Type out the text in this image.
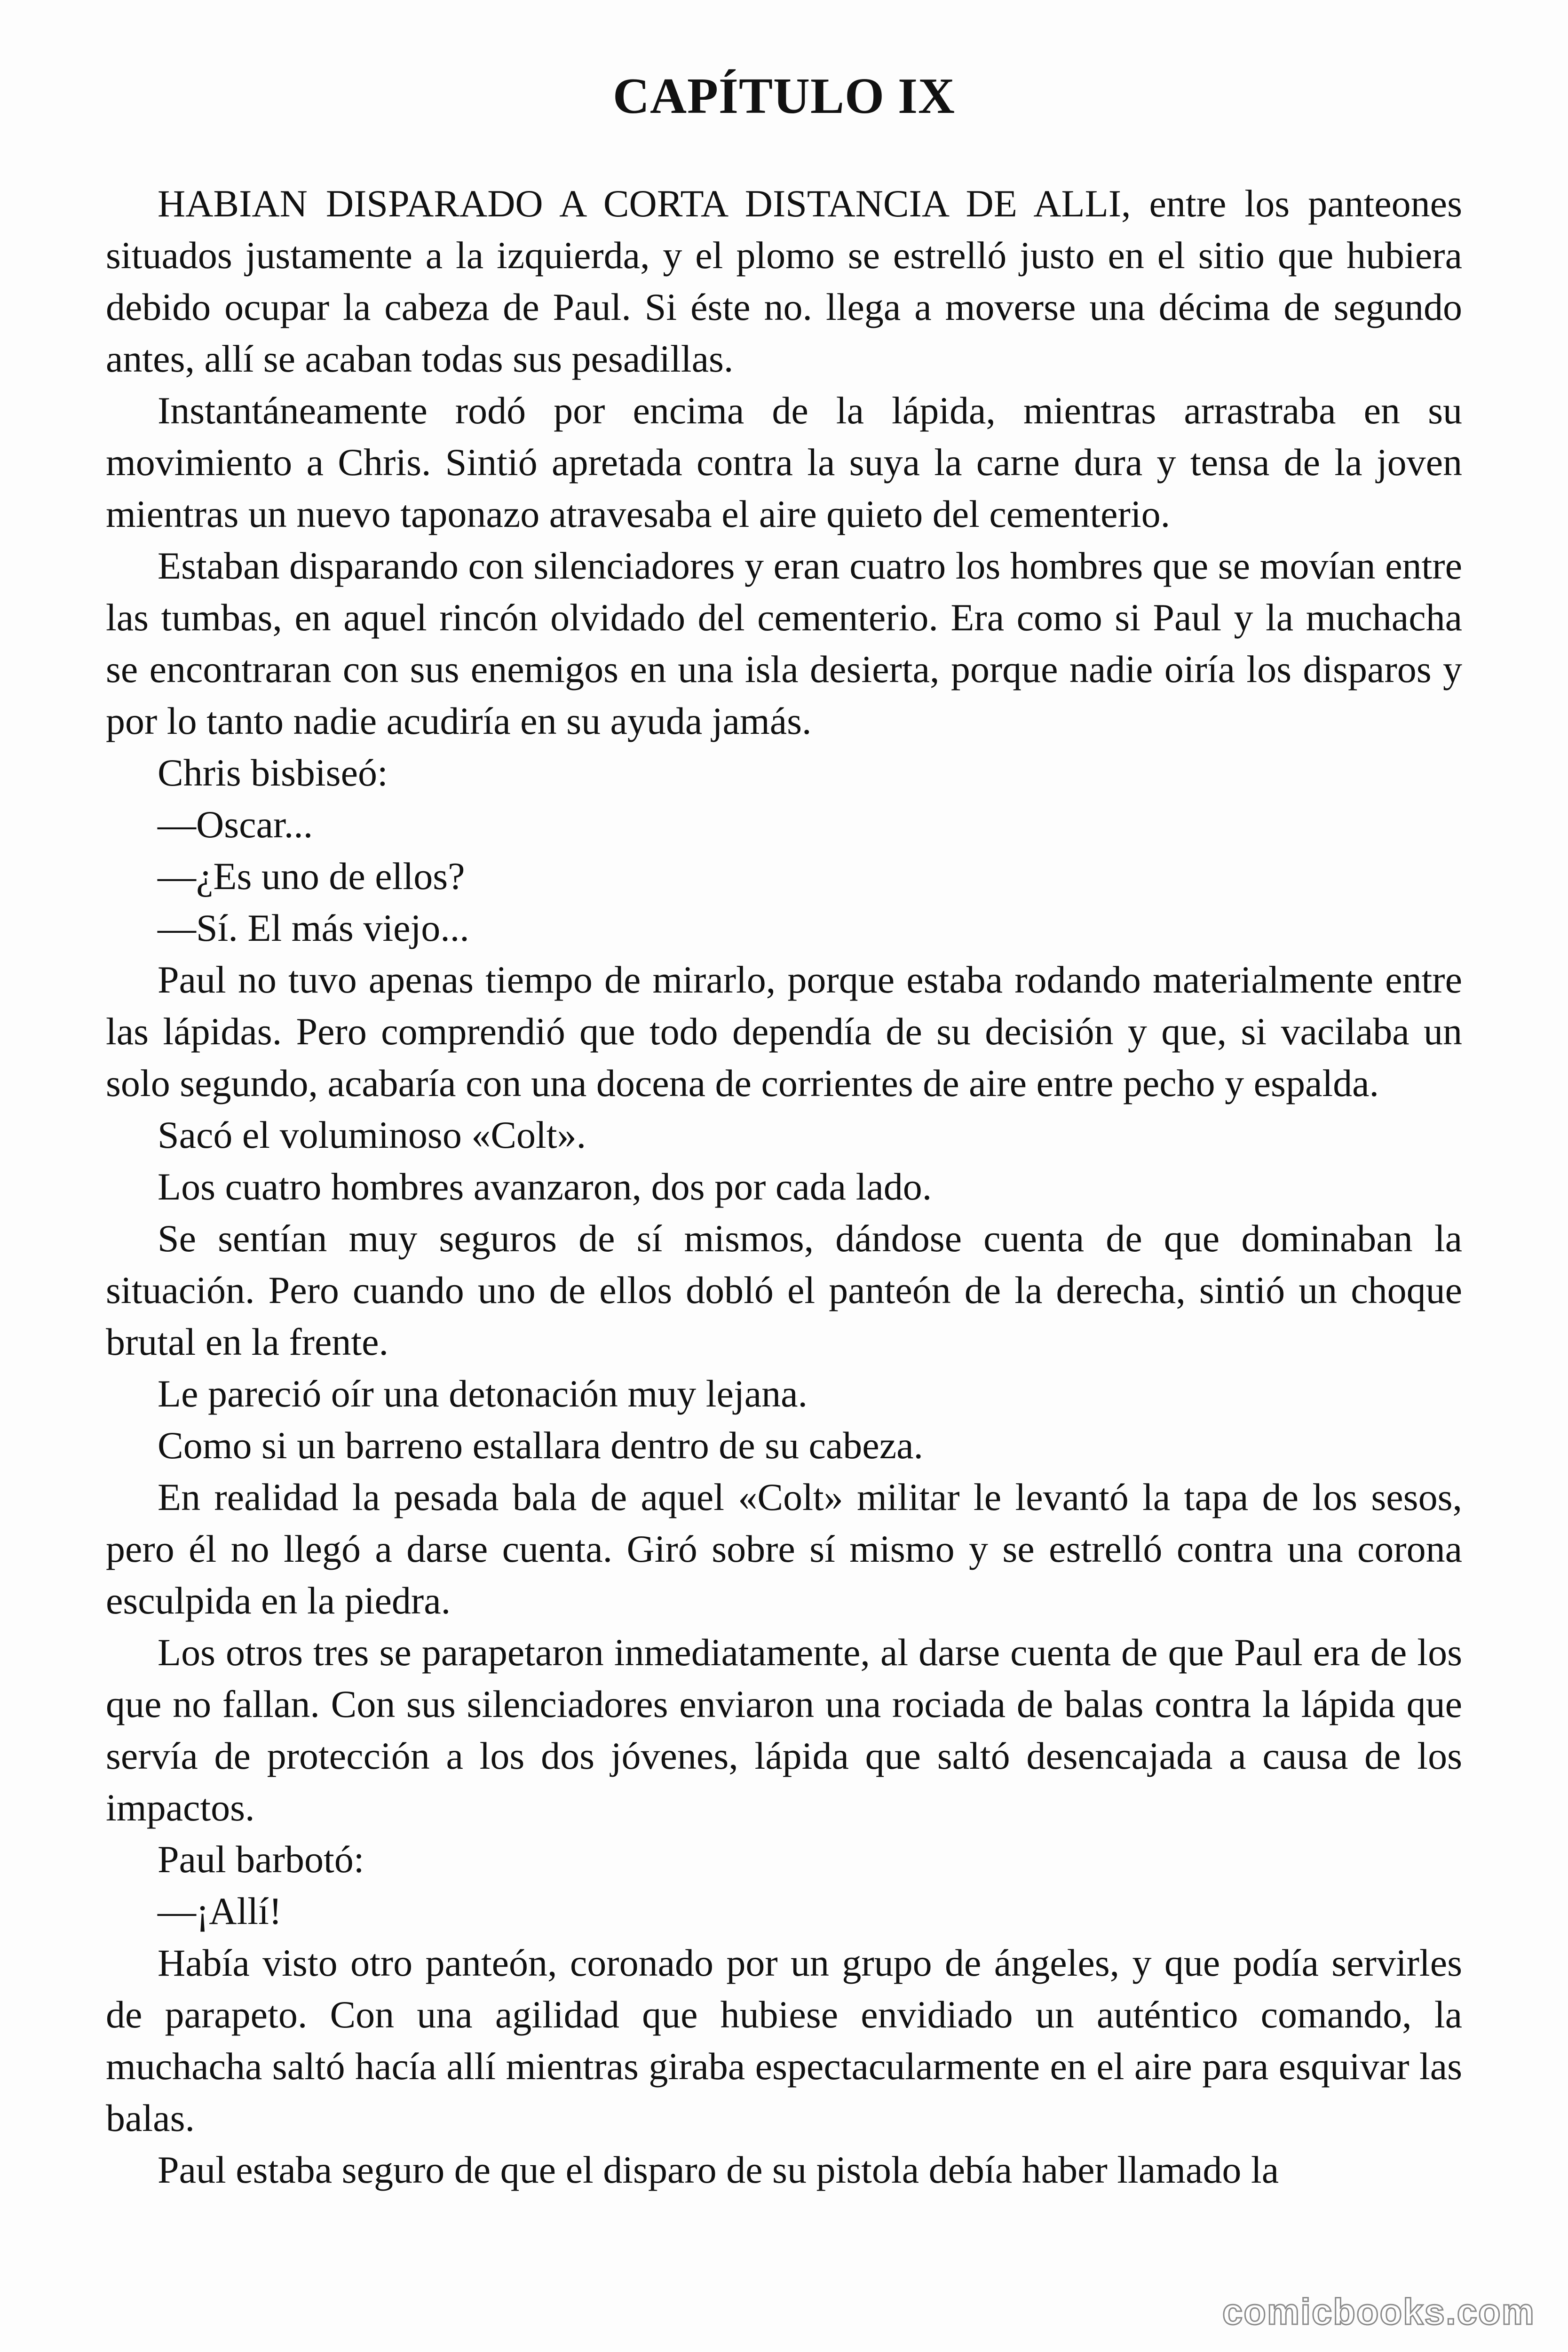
CAPÍTULO IX

HABIAN DISPARADO A CORTA DISTANCIA DE ALLI, entre los panteones situados justamente a la izquierda, y el plomo se estrelló justo en el sitio que hubiera debido ocupar la cabeza de Paul. Si éste no. llega a moverse una décima de segundo antes, allí se acaban todas sus pesadillas.

Instantáneamente rodó por encima de la lápida, mientras arrastraba en su movimiento a Chris. Sintió apretada contra la suya la carne dura y tensa de la joven mientras un nuevo taponazo atravesaba el aire quieto del cementerio.

Estaban disparando con silenciadores y eran cuatro los hombres que se movían entre las tumbas, en aquel rincón olvidado del cementerio. Era como si Paul y la muchacha se encontraran con sus enemigos en una isla desierta, porque nadie oiría los disparos y por lo tanto nadie acudiría en su ayuda jamás.

Chris bisbiseó:

—Oscar...

—¿Es uno de ellos?

—Sí. El más viejo...

Paul no tuvo apenas tiempo de mirarlo, porque estaba rodando materialmente entre las lápidas. Pero comprendió que todo dependía de su decisión y que, si vacilaba un solo segundo, acabaría con una docena de corrientes de aire entre pecho y espalda.

Sacó el voluminoso «Colt».

Los cuatro hombres avanzaron, dos por cada lado.

Se sentían muy seguros de sí mismos, dándose cuenta de que dominaban la situación. Pero cuando uno de ellos dobló el panteón de la derecha, sintió un choque brutal en la frente.

Le pareció oír una detonación muy lejana.

Como si un barreno estallara dentro de su cabeza.

En realidad la pesada bala de aquel «Colt» militar le levantó la tapa de los sesos, pero él no llegó a darse cuenta. Giró sobre sí mismo y se estrelló contra una corona esculpida en la piedra.

Los otros tres se parapetaron inmediatamente, al darse cuenta de que Paul era de los que no fallan. Con sus silenciadores enviaron una rociada de balas contra la lápida que servía de protección a los dos jóvenes, lápida que saltó desencajada a causa de los impactos.

Paul barbotó:

—¡Allí!

Había visto otro panteón, coronado por un grupo de ángeles, y que podía servirles de parapeto. Con una agilidad que hubiese envidiado un auténtico comando, la muchacha saltó hacía allí mientras giraba espectacularmente en el aire para esquivar las balas.

Paul estaba seguro de que el disparo de su pistola debía haber llamado la

comicbooks.com
